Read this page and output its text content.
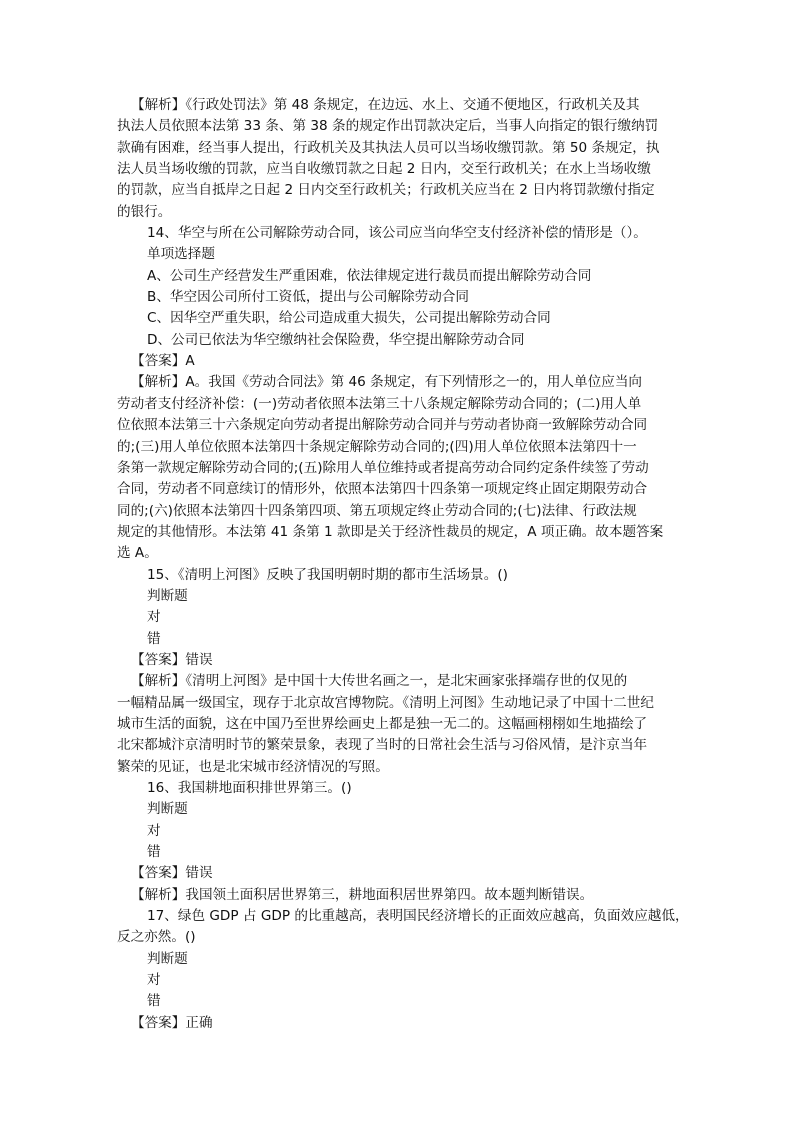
【解析】《行政处罚法》第 48 条规定，在边远、水上、交通不便地区，行政机关及其
执法人员依照本法第 33 条、第 38 条的规定作出罚款决定后，当事人向指定的银行缴纳罚
款确有困难，经当事人提出，行政机关及其执法人员可以当场收缴罚款。第 50 条规定，执
法人员当场收缴的罚款，应当自收缴罚款之日起 2 日内，交至行政机关；在水上当场收缴
的罚款，应当自抵岸之日起 2 日内交至行政机关；行政机关应当在 2 日内将罚款缴付指定
的银行。
14、华空与所在公司解除劳动合同，该公司应当向华空支付经济补偿的情形是（）。
单项选择题
A、公司生产经营发生严重困难，依法律规定进行裁员而提出解除劳动合同
B、华空因公司所付工资低，提出与公司解除劳动合同
C、因华空严重失职，给公司造成重大损失，公司提出解除劳动合同
D、公司已依法为华空缴纳社会保险费，华空提出解除劳动合同
【答案】A
【解析】A。我国《劳动合同法》第 46 条规定，有下列情形之一的，用人单位应当向
劳动者支付经济补偿：(一)劳动者依照本法第三十八条规定解除劳动合同的；(二)用人单
位依照本法第三十六条规定向劳动者提出解除劳动合同并与劳动者协商一致解除劳动合同
的;(三)用人单位依照本法第四十条规定解除劳动合同的;(四)用人单位依照本法第四十一
条第一款规定解除劳动合同的;(五)除用人单位维持或者提高劳动合同约定条件续签了劳动
合同，劳动者不同意续订的情形外，依照本法第四十四条第一项规定终止固定期限劳动合
同的;(六)依照本法第四十四条第四项、第五项规定终止劳动合同的;(七)法律、行政法规
规定的其他情形。本法第 41 条第 1 款即是关于经济性裁员的规定，A 项正确。故本题答案
选 A。
15、《清明上河图》反映了我国明朝时期的都市生活场景。()
判断题
对
错
【答案】错误
【解析】《清明上河图》是中国十大传世名画之一，是北宋画家张择端存世的仅见的
一幅精品属一级国宝，现存于北京故宫博物院。《清明上河图》生动地记录了中国十二世纪
城市生活的面貌，这在中国乃至世界绘画史上都是独一无二的。这幅画栩栩如生地描绘了
北宋都城汴京清明时节的繁荣景象，表现了当时的日常社会生活与习俗风情，是汴京当年
繁荣的见证，也是北宋城市经济情况的写照。
16、我国耕地面积排世界第三。()
判断题
对
错
【答案】错误
【解析】我国领土面积居世界第三，耕地面积居世界第四。故本题判断错误。
17、绿色 GDP 占 GDP 的比重越高，表明国民经济增长的正面效应越高，负面效应越低，
反之亦然。()
判断题
对
错
【答案】正确
